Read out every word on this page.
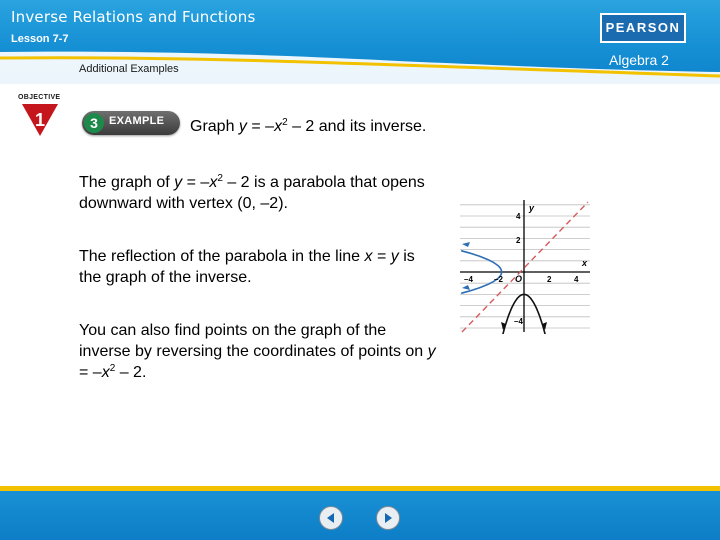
Inverse Relations and Functions
Lesson 7-7
Additional Examples
PEARSON
Algebra 2
OBJECTIVE
1	3	EXAMPLE Graph $y = -x^2 - 2$ and its inverse.
The graph of $y = -x^2 - 2$ is a parabola that opens downward with vertex (0, –2).
The reflection of the parabola in the line x = y is the graph of the inverse.
You can also find points on the graph of the inverse by reversing the coordinates of points on $y = -x^2 - 2$.
y
x
O
4
2
–4
–4	–2	2	4
